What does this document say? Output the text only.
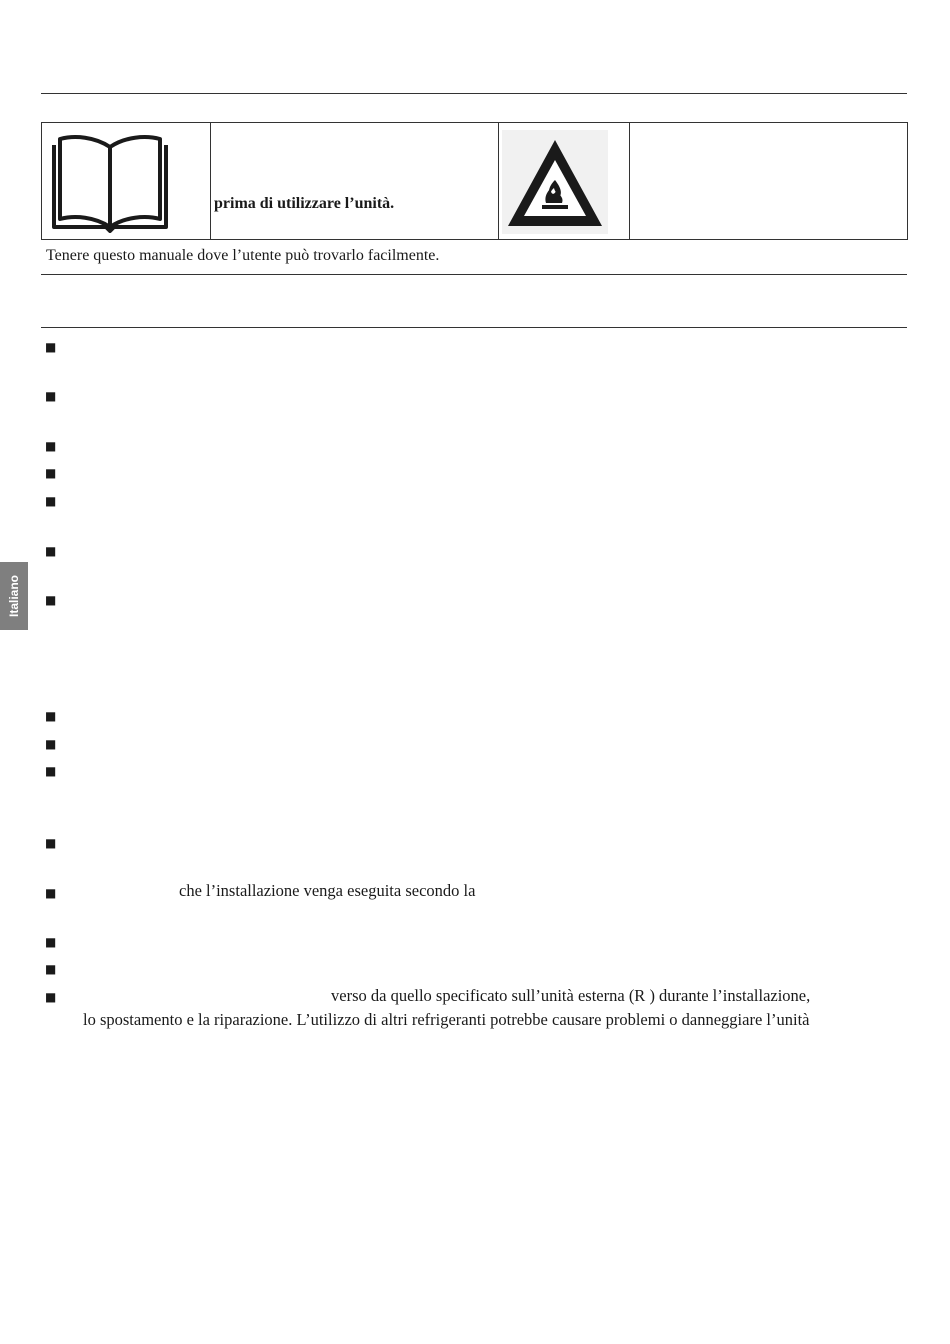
prima di utilizzare l’unità.

Tenere questo manuale dove l’utente può trovarlo facilmente.
■
■
■
■
■
■
■
■
■
■
■
■
■
■
■
che l’installazione venga eseguita secondo la
verso da quello specificato sull’unità esterna (R ) durante l’installazione,

lo spostamento e la riparazione. L’utilizzo di altri refrigeranti potrebbe causare problemi o danneggiare l’unità

Italiano
